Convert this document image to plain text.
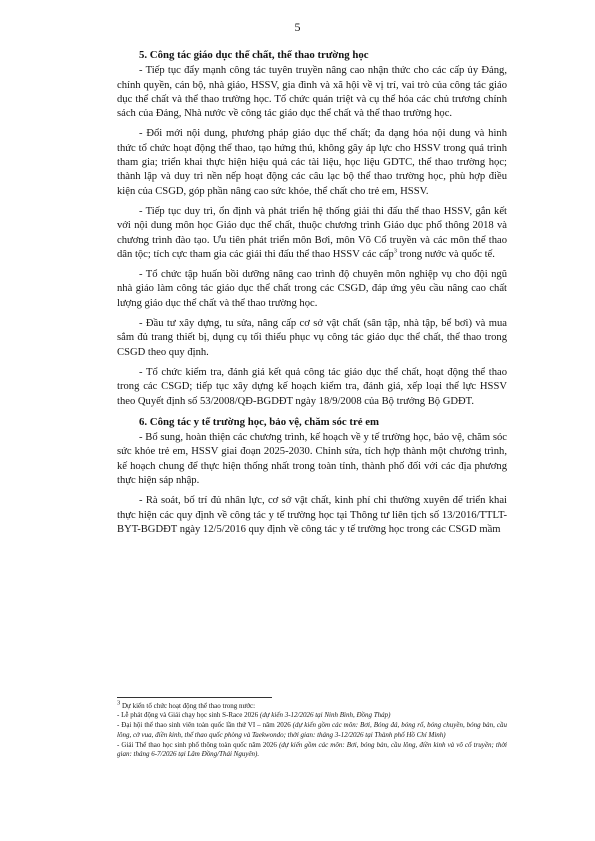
5

5. Công tác giáo dục thể chất, thể thao trường học

- Tiếp tục đẩy mạnh công tác tuyên truyền nâng cao nhận thức cho các cấp ủy Đảng, chính quyền, cán bộ, nhà giáo, HSSV, gia đình và xã hội về vị trí, vai trò của công tác giáo dục thể chất và thể thao trường học. Tổ chức quán triệt và cụ thể hóa các chủ trương chính sách của Đảng, Nhà nước về công tác giáo dục thể chất và thể thao trường học.

- Đổi mới nội dung, phương pháp giáo dục thể chất; đa dạng hóa nội dung và hình thức tổ chức hoạt động thể thao, tạo hứng thú, không gây áp lực cho HSSV trong quá trình tham gia; triển khai thực hiện hiệu quả các tài liệu, học liệu GDTC, thể thao trường học; thành lập và duy trì nền nếp hoạt động các câu lạc bộ thể thao trường học, phù hợp điều kiện của CSGD, góp phần nâng cao sức khỏe, thể chất cho trẻ em, HSSV.

- Tiếp tục duy trì, ổn định và phát triển hệ thống giải thi đấu thể thao HSSV, gắn kết với nội dung môn học Giáo dục thể chất, thuộc chương trình Giáo dục phổ thông 2018 và chương trình đào tạo. Ưu tiên phát triển môn Bơi, môn Võ Cổ truyền và các môn thể thao dân tộc; tích cực tham gia các giải thi đấu thể thao HSSV các cấp$^3$ trong nước và quốc tế.

- Tổ chức tập huấn bồi dưỡng nâng cao trình độ chuyên môn nghiệp vụ cho đội ngũ nhà giáo làm công tác giáo dục thể chất trong các CSGD, đáp ứng yêu cầu nâng cao chất lượng giáo dục thể chất và thể thao trường học.

- Đầu tư xây dựng, tu sửa, nâng cấp cơ sở vật chất (sân tập, nhà tập, bể bơi) và mua sắm đủ trang thiết bị, dụng cụ tối thiểu phục vụ công tác giáo dục thể chất, thể thao trong CSGD theo quy định.

- Tổ chức kiểm tra, đánh giá kết quả công tác giáo dục thể chất, hoạt động thể thao trong các CSGD; tiếp tục xây dựng kế hoạch kiểm tra, đánh giá, xếp loại thể lực HSSV theo Quyết định số 53/2008/QĐ-BGDĐT ngày 18/9/2008 của Bộ trưởng Bộ GDĐT.

6. Công tác y tế trường học, bảo vệ, chăm sóc trẻ em

- Bổ sung, hoàn thiện các chương trình, kế hoạch về y tế trường học, bảo vệ, chăm sóc sức khỏe trẻ em, HSSV giai đoạn 2025-2030. Chỉnh sửa, tích hợp thành một chương trình, kế hoạch chung để thực hiện thống nhất trong toàn tỉnh, thành phố đối với các địa phương thực hiện sáp nhập.

- Rà soát, bố trí đủ nhân lực, cơ sở vật chất, kinh phí chi thường xuyên để triển khai thực hiện các quy định về công tác y tế trường học tại Thông tư liên tịch số 13/2016/TTLT-BYT-BGDĐT ngày 12/5/2016 quy định về công tác y tế trường học trong các CSGD mầm

$^3$ Dự kiến tổ chức hoạt động thể thao trong nước:

- Lễ phát động và Giải chạy học sinh S-Race 2026 (dự kiến 3-12/2026 tại Ninh Bình, Đồng Tháp)

- Đại hội thể thao sinh viên toàn quốc lần thứ VI – năm 2026 (dự kiến gồm các môn: Bơi, Bóng đá, bóng rổ, bóng chuyền, bóng bàn, cầu lông, cờ vua, điền kinh, thể thao quốc phòng và Taekwondo; thời gian: tháng 3-12/2026 tại Thành phố Hồ Chí Minh)

- Giải Thể thao học sinh phổ thông toàn quốc năm 2026 (dự kiến gồm các môn: Bơi, bóng bàn, cầu lông, điền kinh và võ cổ truyền; thời gian: tháng 6-7/2026 tại Lâm Đồng/Thái Nguyên).
